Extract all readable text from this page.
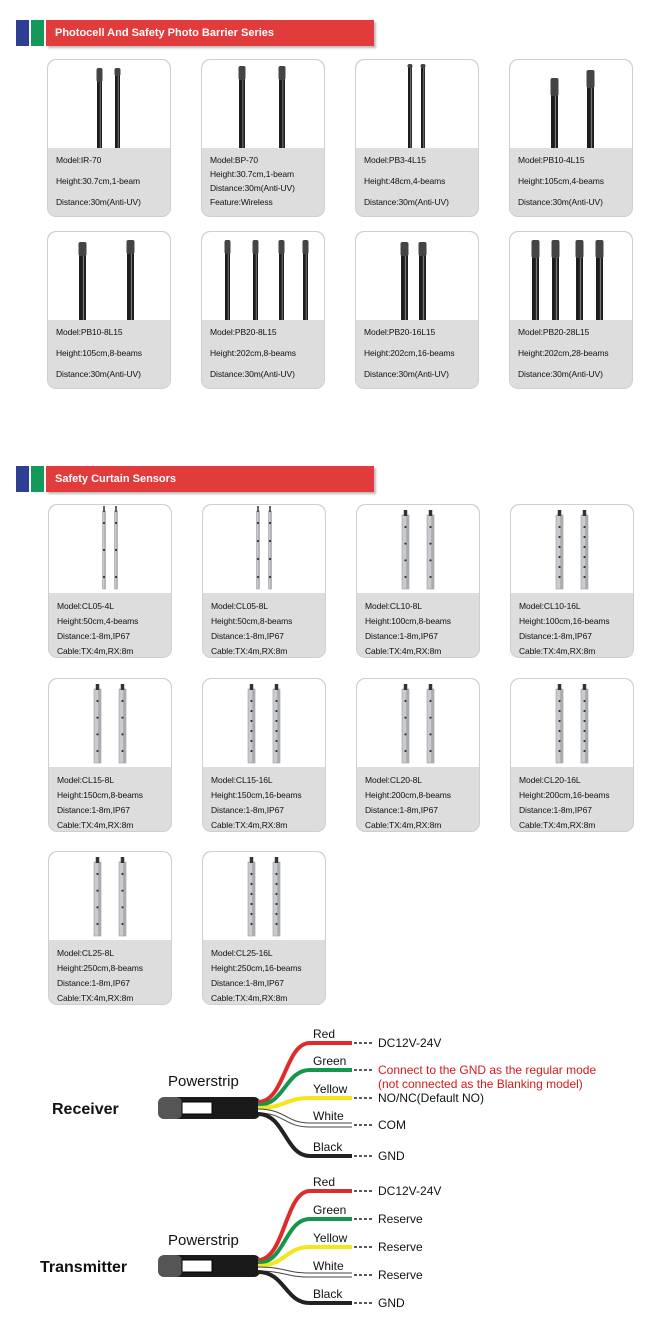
Photocell And Safety Photo Barrier Series
Model:IR-70
Height:30.7cm,1-beam
Distance:30m(Anti-UV)
Model:BP-70
Height:30.7cm,1-beam
Distance:30m(Anti-UV)
Feature:Wireless
Model:PB3-4L15
Height:48cm,4-beams
Distance:30m(Anti-UV)
Model:PB10-4L15
Height:105cm,4-beams
Distance:30m(Anti-UV)
Model:PB10-8L15
Height:105cm,8-beams
Distance:30m(Anti-UV)
Model:PB20-8L15
Height:202cm,8-beams
Distance:30m(Anti-UV)
Model:PB20-16L15
Height:202cm,16-beams
Distance:30m(Anti-UV)
Model:PB20-28L15
Height:202cm,28-beams
Distance:30m(Anti-UV)
Safety Curtain Sensors
Model:CL05-4L
Height:50cm,4-beams
Distance:1-8m,IP67
Cable:TX:4m,RX:8m
Model:CL05-8L
Height:50cm,8-beams
Distance:1-8m,IP67
Cable:TX:4m,RX:8m
Model:CL10-8L
Height:100cm,8-beams
Distance:1-8m,IP67
Cable:TX:4m,RX:8m
Model:CL10-16L
Height:100cm,16-beams
Distance:1-8m,IP67
Cable:TX:4m,RX:8m
Model:CL15-8L
Height:150cm,8-beams
Distance:1-8m,IP67
Cable:TX:4m,RX:8m
Model:CL15-16L
Height:150cm,16-beams
Distance:1-8m,IP67
Cable:TX:4m,RX:8m
Model:CL20-8L
Height:200cm,8-beams
Distance:1-8m,IP67
Cable:TX:4m,RX:8m
Model:CL20-16L
Height:200cm,16-beams
Distance:1-8m,IP67
Cable:TX:4m,RX:8m
Model:CL25-8L
Height:250cm,8-beams
Distance:1-8m,IP67
Cable:TX:4m,RX:8m
Model:CL25-16L
Height:250cm,16-beams
Distance:1-8m,IP67
Cable:TX:4m,RX:8m
Receiver
Powerstrip
Red
DC12V-24V
Green
Connect to the GND as the regular mode
(not connected as the Blanking model)
Yellow
NO/NC(Default NO)
White
COM
Black
GND
Transmitter
Powerstrip
Red
DC12V-24V
Green
Reserve
Yellow
Reserve
White
Reserve
Black
GND
